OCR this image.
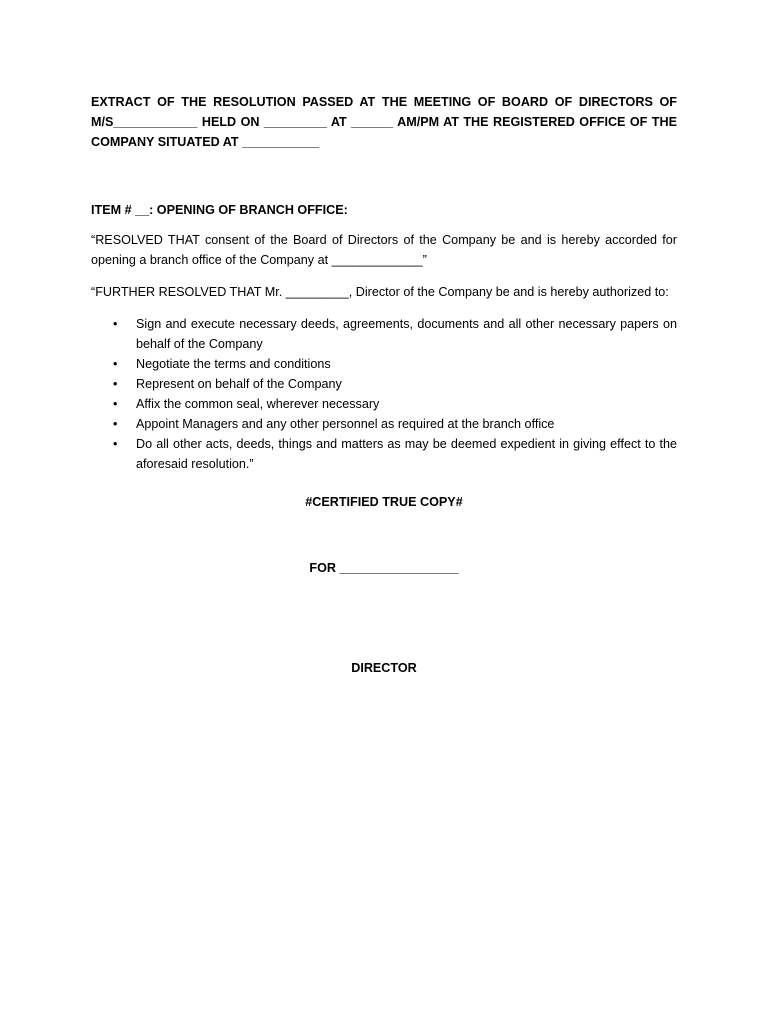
EXTRACT OF THE RESOLUTION PASSED AT THE MEETING OF BOARD OF DIRECTORS OF M/S____________ HELD ON _________ AT ______ AM/PM AT THE REGISTERED OFFICE OF THE COMPANY SITUATED AT ___________

ITEM # __: OPENING OF BRANCH OFFICE:

“RESOLVED THAT consent of the Board of Directors of the Company be and is hereby accorded for opening a branch office of the Company at _____________”

“FURTHER RESOLVED THAT Mr. _________, Director of the Company be and is hereby authorized to:

• Sign and execute necessary deeds, agreements, documents and all other necessary papers on behalf of the Company
• Negotiate the terms and conditions
• Represent on behalf of the Company
• Affix the common seal, wherever necessary
• Appoint Managers and any other personnel as required at the branch office
• Do all other acts, deeds, things and matters as may be deemed expedient in giving effect to the aforesaid resolution.”
#CERTIFIED TRUE COPY#
FOR _________________
DIRECTOR
